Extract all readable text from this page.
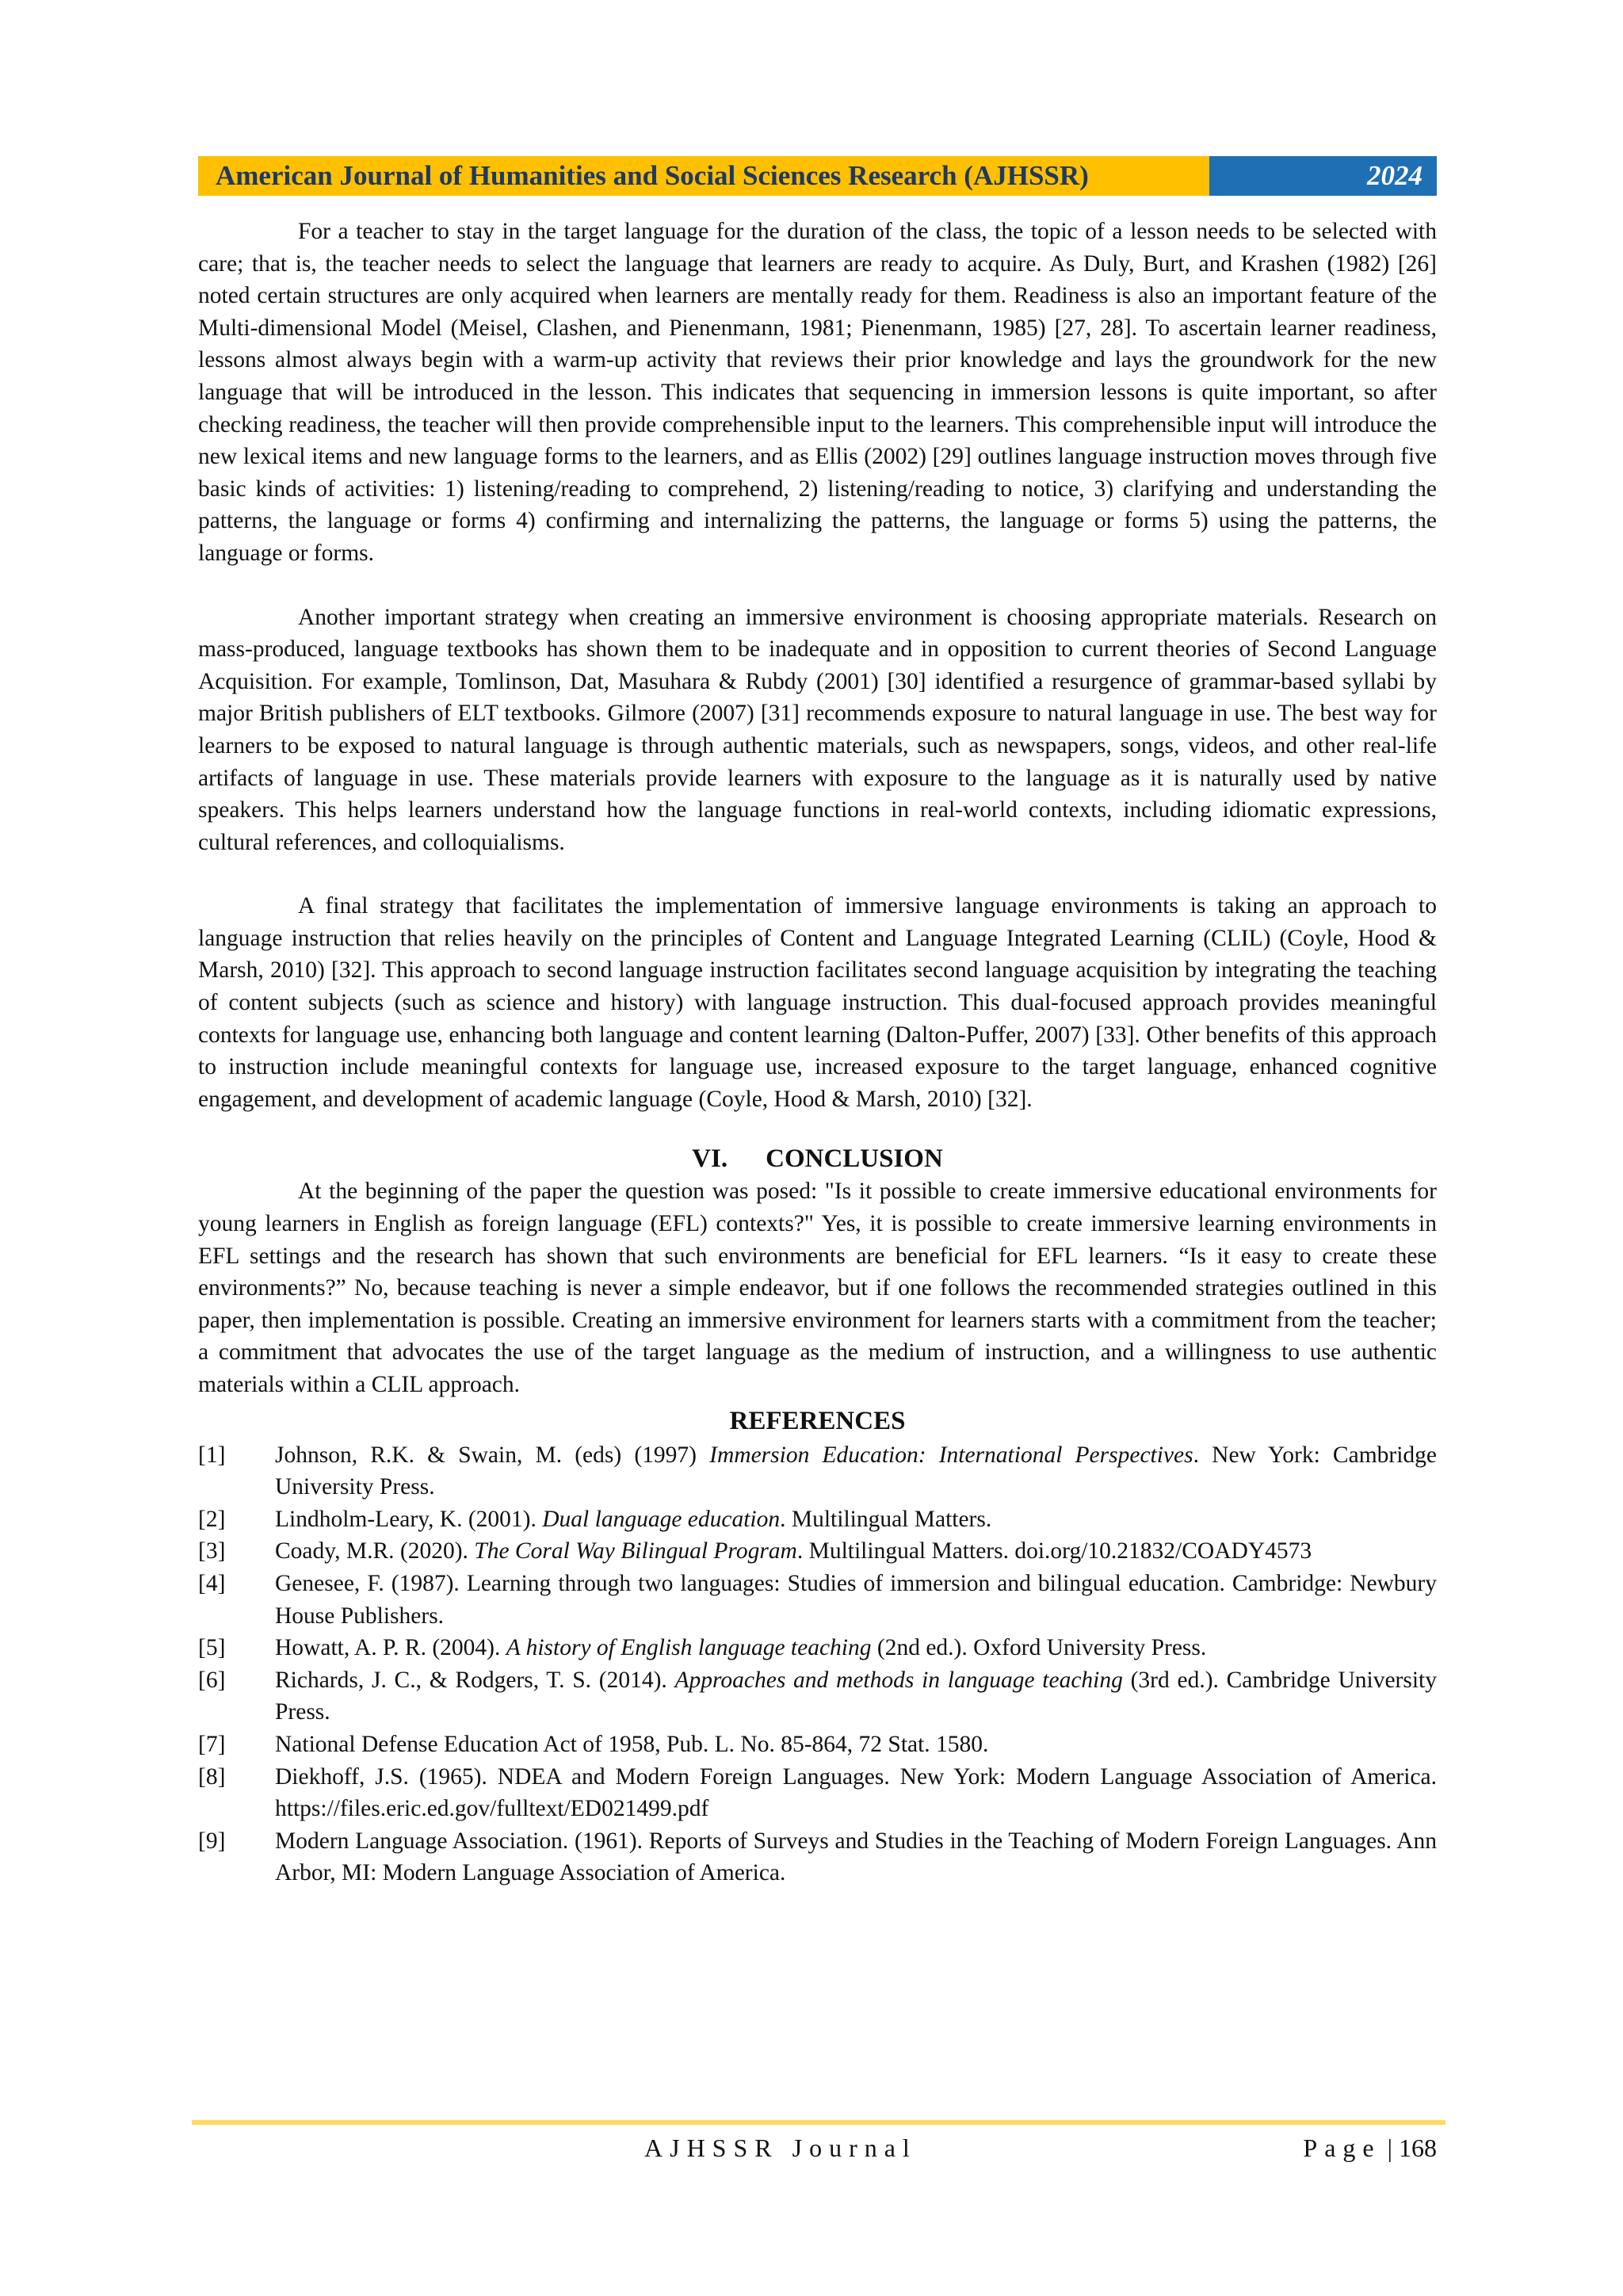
American Journal of Humanities and Social Sciences Research (AJHSSR)	2024

For a teacher to stay in the target language for the duration of the class, the topic of a lesson needs to be selected with care; that is, the teacher needs to select the language that learners are ready to acquire. As Duly, Burt, and Krashen (1982) [26] noted certain structures are only acquired when learners are mentally ready for them. Readiness is also an important feature of the Multi-dimensional Model (Meisel, Clashen, and Pienenmann, 1981; Pienenmann, 1985) [27, 28]. To ascertain learner readiness, lessons almost always begin with a warm-up activity that reviews their prior knowledge and lays the groundwork for the new language that will be introduced in the lesson. This indicates that sequencing in immersion lessons is quite important, so after checking readiness, the teacher will then provide comprehensible input to the learners. This comprehensible input will introduce the new lexical items and new language forms to the learners, and as Ellis (2002) [29] outlines language instruction moves through five basic kinds of activities: 1) listening/reading to comprehend, 2) listening/reading to notice, 3) clarifying and understanding the patterns, the language or forms 4) confirming and internalizing the patterns, the language or forms 5) using the patterns, the language or forms.

Another important strategy when creating an immersive environment is choosing appropriate materials. Research on mass-produced, language textbooks has shown them to be inadequate and in opposition to current theories of Second Language Acquisition. For example, Tomlinson, Dat, Masuhara & Rubdy (2001) [30] identified a resurgence of grammar-based syllabi by major British publishers of ELT textbooks. Gilmore (2007) [31] recommends exposure to natural language in use. The best way for learners to be exposed to natural language is through authentic materials, such as newspapers, songs, videos, and other real-life artifacts of language in use. These materials provide learners with exposure to the language as it is naturally used by native speakers. This helps learners understand how the language functions in real-world contexts, including idiomatic expressions, cultural references, and colloquialisms.

A final strategy that facilitates the implementation of immersive language environments is taking an approach to language instruction that relies heavily on the principles of Content and Language Integrated Learning (CLIL) (Coyle, Hood & Marsh, 2010) [32]. This approach to second language instruction facilitates second language acquisition by integrating the teaching of content subjects (such as science and history) with language instruction. This dual-focused approach provides meaningful contexts for language use, enhancing both language and content learning (Dalton-Puffer, 2007) [33]. Other benefits of this approach to instruction include meaningful contexts for language use, increased exposure to the target language, enhanced cognitive engagement, and development of academic language (Coyle, Hood & Marsh, 2010) [32].

VI. CONCLUSION

At the beginning of the paper the question was posed: "Is it possible to create immersive educational environments for young learners in English as foreign language (EFL) contexts?" Yes, it is possible to create immersive learning environments in EFL settings and the research has shown that such environments are beneficial for EFL learners. “Is it easy to create these environments?” No, because teaching is never a simple endeavor, but if one follows the recommended strategies outlined in this paper, then implementation is possible. Creating an immersive environment for learners starts with a commitment from the teacher; a commitment that advocates the use of the target language as the medium of instruction, and a willingness to use authentic materials within a CLIL approach.

REFERENCES
[1]	Johnson, R.K. & Swain, M. (eds) (1997) Immersion Education: International Perspectives. New York: Cambridge University Press.
[2]	Lindholm-Leary, K. (2001). Dual language education. Multilingual Matters.
[3]	Coady, M.R. (2020). The Coral Way Bilingual Program. Multilingual Matters. doi.org/10.21832/COADY4573
[4]	Genesee, F. (1987). Learning through two languages: Studies of immersion and bilingual education. Cambridge: Newbury House Publishers.
[5]	Howatt, A. P. R. (2004). A history of English language teaching (2nd ed.). Oxford University Press.
[6]	Richards, J. C., & Rodgers, T. S. (2014). Approaches and methods in language teaching (3rd ed.). Cambridge University Press.
[7]	National Defense Education Act of 1958, Pub. L. No. 85-864, 72 Stat. 1580.
[8]	Diekhoff, J.S. (1965). NDEA and Modern Foreign Languages. New York: Modern Language Association of America. https://files.eric.ed.gov/fulltext/ED021499.pdf
[9]	Modern Language Association. (1961). Reports of Surveys and Studies in the Teaching of Modern Foreign Languages. Ann Arbor, MI: Modern Language Association of America.
AJHSSR Journal	Page | 168
